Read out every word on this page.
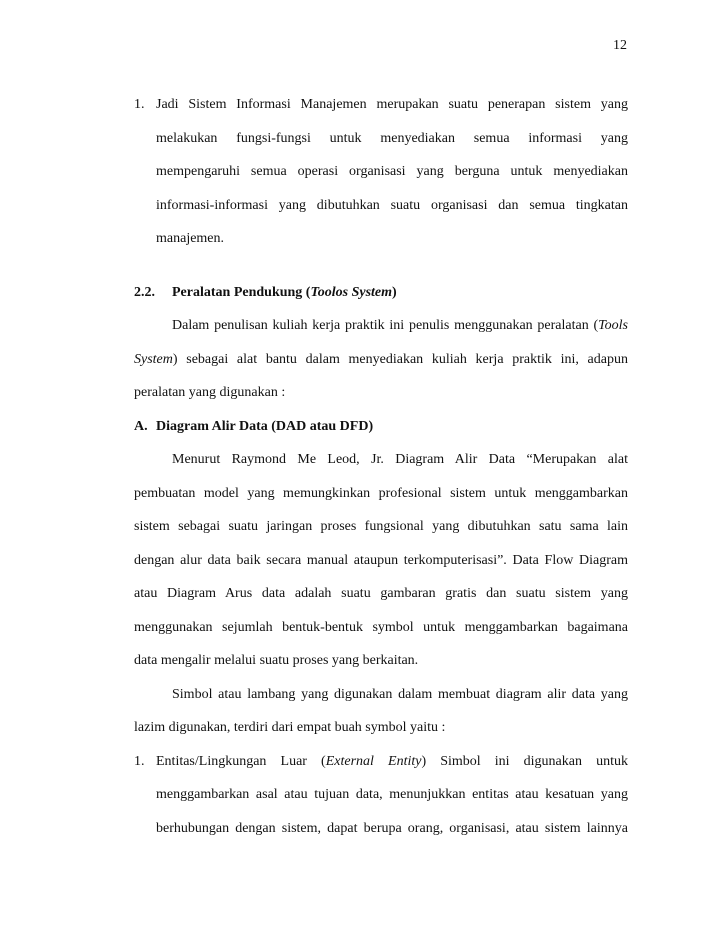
12
1. Jadi Sistem Informasi Manajemen merupakan suatu penerapan sistem yang
melakukan fungsi-fungsi untuk menyediakan semua informasi yang
mempengaruhi semua operasi organisasi yang berguna untuk menyediakan
informasi-informasi yang dibutuhkan suatu organisasi dan semua tingkatan
manajemen.
2.2. Peralatan Pendukung (Toolos System)
Dalam penulisan kuliah kerja praktik ini penulis menggunakan peralatan (Tools
System) sebagai alat bantu dalam menyediakan kuliah kerja praktik ini, adapun
peralatan yang digunakan :
A. Diagram Alir Data (DAD atau DFD)
Menurut Raymond Me Leod, Jr. Diagram Alir Data “Merupakan alat
pembuatan model yang memungkinkan profesional sistem untuk menggambarkan
sistem sebagai suatu jaringan proses fungsional yang dibutuhkan satu sama lain
dengan alur data baik secara manual ataupun terkomputerisasi”. Data Flow Diagram
atau Diagram Arus data adalah suatu gambaran gratis dan suatu sistem yang
menggunakan sejumlah bentuk-bentuk symbol untuk menggambarkan bagaimana
data mengalir melalui suatu proses yang berkaitan.
Simbol atau lambang yang digunakan dalam membuat diagram alir data yang
lazim digunakan, terdiri dari empat buah symbol yaitu :
1. Entitas/Lingkungan Luar (External Entity) Simbol ini digunakan untuk
menggambarkan asal atau tujuan data, menunjukkan entitas atau kesatuan yang
berhubungan dengan sistem, dapat berupa orang, organisasi, atau sistem lainnya
